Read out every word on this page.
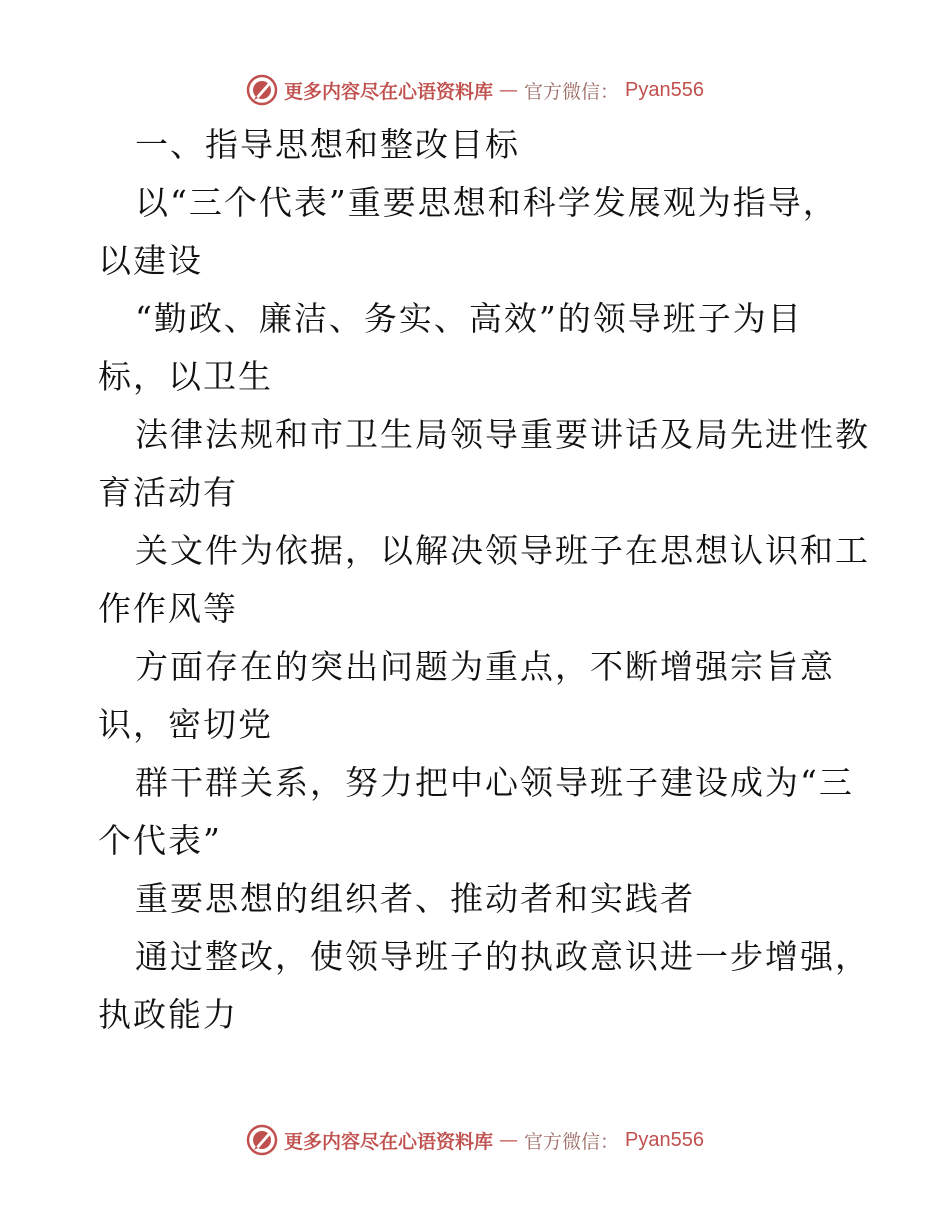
更多内容尽在心语资料库 — 官方微信： Pyan556
一、指导思想和整改目标
以“三个代表”重要思想和科学发展观为指导，
以建设
“勤政、廉洁、务实、高效”的领导班子为目
标，以卫生
法律法规和市卫生局领导重要讲话及局先进性教
育活动有
关文件为依据，以解决领导班子在思想认识和工
作作风等
方面存在的突出问题为重点，不断增强宗旨意
识，密切党
群干群关系，努力把中心领导班子建设成为“三
个代表”
重要思想的组织者、推动者和实践者
通过整改，使领导班子的执政意识进一步增强，
执政能力
更多内容尽在心语资料库 — 官方微信： Pyan556
